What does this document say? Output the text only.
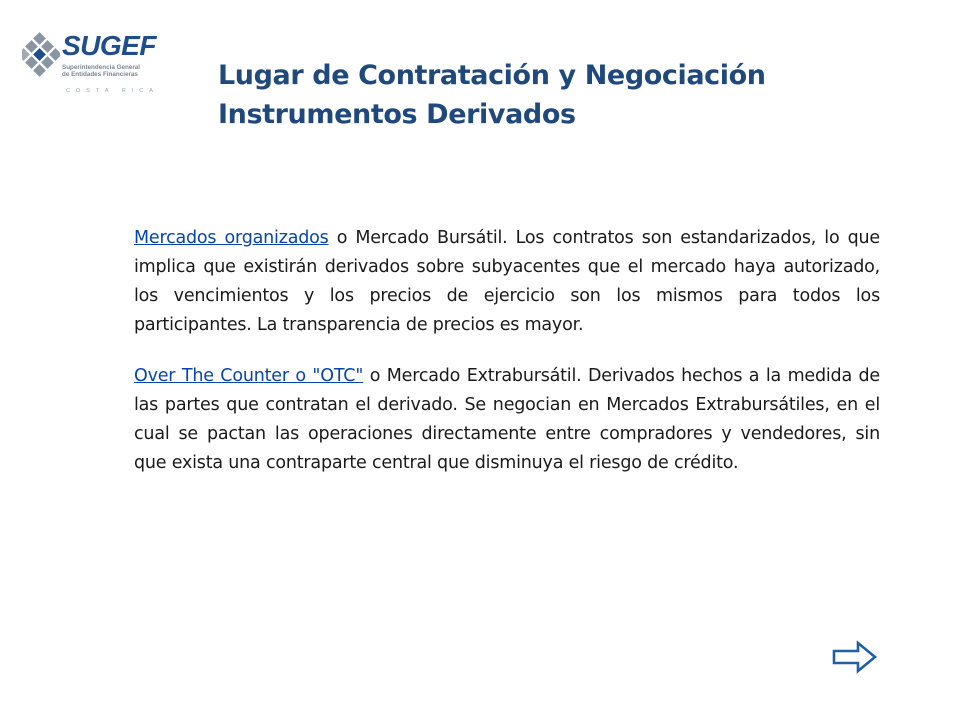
SUGEF
Superintendencia General
de Entidades Financieras
COSTA RICA Lugar de Contratación y Negociación
Instrumentos Derivados

Mercados organizados o Mercado Bursátil. Los contratos son estandarizados, lo que implica que existirán derivados sobre subyacentes que el mercado haya autorizado, los vencimientos y los precios de ejercicio son los mismos para todos los participantes. La transparencia de precios es mayor.

Over The Counter o "OTC" o Mercado Extrabursátil. Derivados hechos a la medida de las partes que contratan el derivado. Se negocian en Mercados Extrabursátiles, en el cual se pactan las operaciones directamente entre compradores y vendedores, sin que exista una contraparte central que disminuya el riesgo de crédito.
